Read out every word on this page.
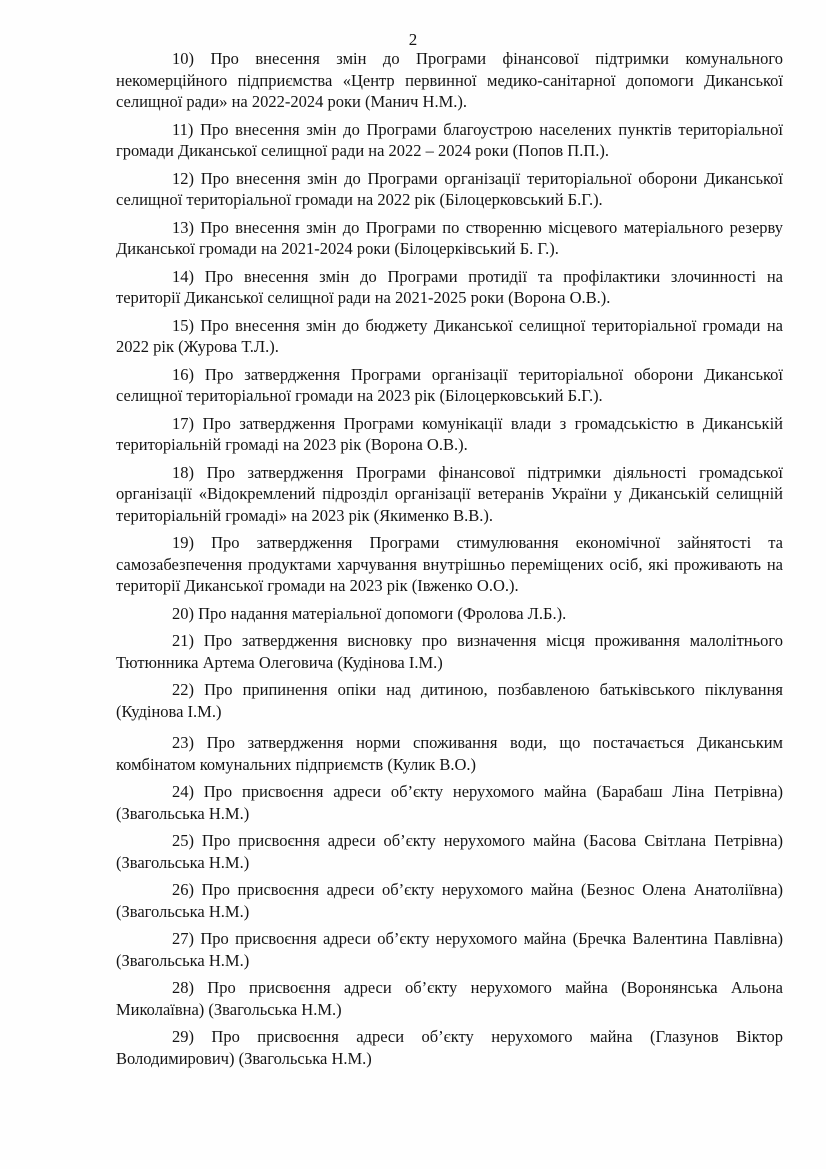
2

10) Про внесення змін до Програми фінансової підтримки комунального некомерційного підприємства «Центр первинної медико-санітарної допомоги Диканської селищної ради» на 2022-2024 роки (Манич Н.М.).

11) Про внесення змін до Програми благоустрою населених пунктів територіальної громади Диканської селищної ради на 2022 – 2024 роки (Попов П.П.).

12) Про внесення змін до Програми організації територіальної оборони Диканської селищної територіальної громади на 2022 рік (Білоцерковський Б.Г.).

13) Про внесення змін до Програми по створенню місцевого матеріального резерву Диканської громади на 2021-2024 роки (Білоцерківський Б. Г.).

14) Про внесення змін до Програми протидії та профілактики злочинності на території Диканської селищної ради на 2021-2025 роки (Ворона О.В.).

15) Про внесення змін до бюджету Диканської селищної територіальної громади на 2022 рік (Журова Т.Л.).

16) Про затвердження Програми організації територіальної оборони Диканської селищної територіальної громади на 2023 рік (Білоцерковський Б.Г.).

17) Про затвердження Програми комунікації влади з громадськістю в Диканській територіальній громаді на 2023 рік (Ворона О.В.).

18) Про затвердження Програми фінансової підтримки діяльності громадської організації «Відокремлений підрозділ організації ветеранів України у Диканській селищній територіальній громаді» на 2023 рік (Якименко В.В.).

19) Про затвердження Програми стимулювання економічної зайнятості та самозабезпечення продуктами харчування внутрішньо переміщених осіб, які проживають на території Диканської громади на 2023 рік (Івженко О.О.).

20) Про надання матеріальної допомоги (Фролова Л.Б.).

21) Про затвердження висновку про визначення місця проживання малолітнього Тютюнника Артема Олеговича (Кудінова І.М.)

22) Про припинення опіки над дитиною, позбавленою батьківського піклування (Кудінова І.М.)

23) Про затвердження норми споживання води, що постачається Диканським комбінатом комунальних підприємств (Кулик В.О.)

24) Про присвоєння адреси об’єкту нерухомого майна (Барабаш Ліна Петрівна) (Звагольська Н.М.)

25) Про присвоєння адреси об’єкту нерухомого майна (Басова Світлана Петрівна) (Звагольська Н.М.)

26) Про присвоєння адреси об’єкту нерухомого майна (Безнос Олена Анатоліївна) (Звагольська Н.М.)

27) Про присвоєння адреси об’єкту нерухомого майна (Бречка Валентина Павлівна) (Звагольська Н.М.)

28) Про присвоєння адреси об’єкту нерухомого майна (Воронянська Альона Миколаївна) (Звагольська Н.М.)

29) Про присвоєння адреси об’єкту нерухомого майна (Глазунов Віктор Володимирович) (Звагольська Н.М.)
